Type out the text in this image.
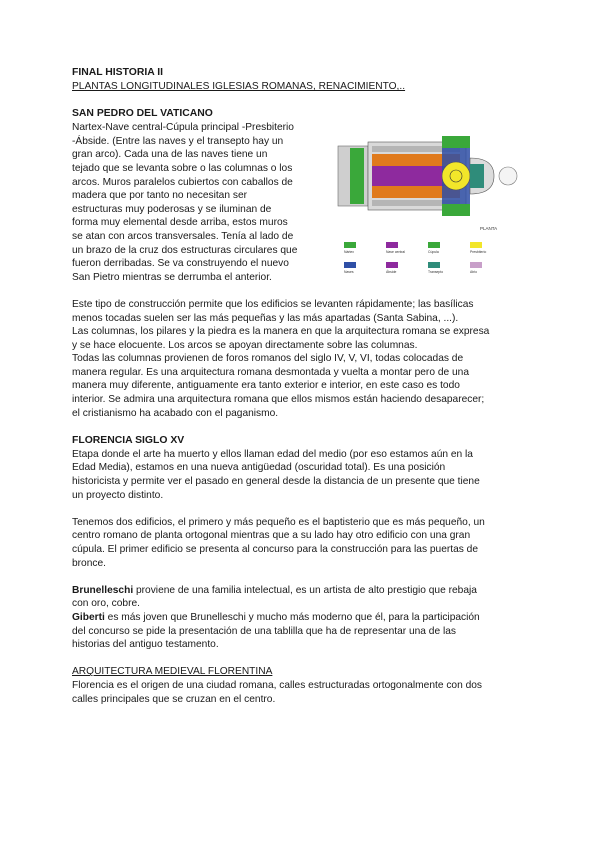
FINAL HISTORIA II

PLANTAS LONGITUDINALES IGLESIAS ROMANAS, RENACIMIENTO,..

SAN PEDRO DEL VATICANO

Nartex-Nave central-Cúpula principal -Presbiterio

-Ábside. (Entre las naves y el transepto hay un

gran arco). Cada una de las naves tiene un

tejado que se levanta sobre o las columnas o los

arcos. Muros paralelos cubiertos con caballos de

madera que por tanto no necesitan ser

estructuras muy poderosas y se iluminan de

forma muy elemental desde arriba, estos muros

se atan con arcos transversales. Tenía al lado de

un brazo de la cruz dos estructuras circulares que

fueron derribadas. Se va construyendo el nuevo

San Pietro mientras se derrumba el anterior.

PLANTA
Nártex	Nave central	Cúpula	Presbiterio
Naves	Ábside	Transepto	Atrio

Este tipo de construcción permite que los edificios se levanten rápidamente; las basílicas

menos tocadas suelen ser las más pequeñas y las más apartadas (Santa Sabina, ...).

Las columnas, los pilares y la piedra es la manera en que la arquitectura romana se expresa

y se hace elocuente. Los arcos se apoyan directamente sobre las columnas.

Todas las columnas provienen de foros romanos del siglo IV, V, VI, todas colocadas de

manera regular. Es una arquitectura romana desmontada y vuelta a montar pero de una

manera muy diferente, antiguamente era tanto exterior e interior, en este caso es todo

interior. Se admira una arquitectura romana que ellos mismos están haciendo desaparecer;

el cristianismo ha acabado con el paganismo.

FLORENCIA SIGLO XV

Etapa donde el arte ha muerto y ellos llaman edad del medio (por eso estamos aún en la

Edad Media), estamos en una nueva antigüedad (oscuridad total). Es una posición

historicista y permite ver el pasado en general desde la distancia de un presente que tiene

un proyecto distinto.

Tenemos dos edificios, el primero y más pequeño es el baptisterio que es más pequeño, un

centro romano de planta ortogonal mientras que a su lado hay otro edificio con una gran

cúpula. El primer edificio se presenta al concurso para la construcción para las puertas de

bronce.

Brunelleschi proviene de una familia intelectual, es un artista de alto prestigio que rebaja

con oro, cobre.

Giberti es más joven que Brunelleschi y mucho más moderno que él, para la participación

del concurso se pide la presentación de una tablilla que ha de representar una de las

historias del antiguo testamento.

ARQUITECTURA MEDIEVAL FLORENTINA

Florencia es el origen de una ciudad romana, calles estructuradas ortogonalmente con dos

calles principales que se cruzan en el centro.
